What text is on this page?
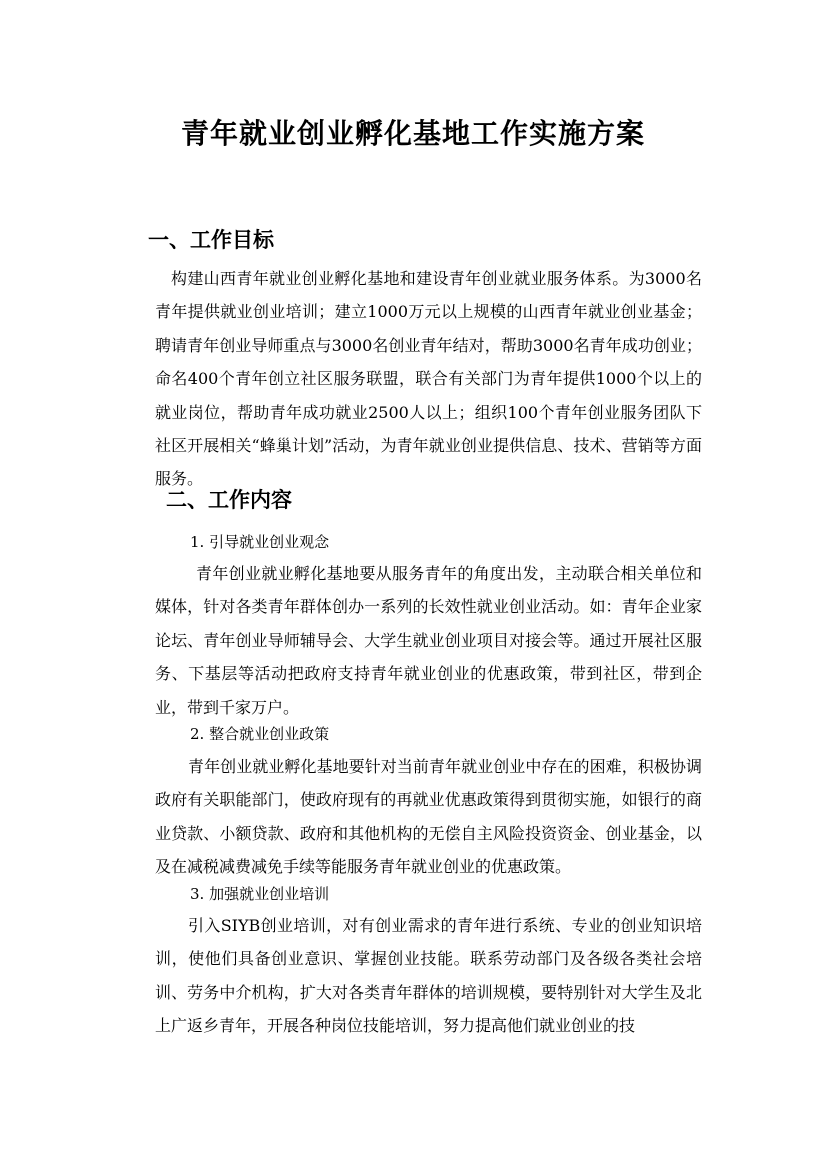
青年就业创业孵化基地工作实施方案
一、工作目标
构建山西青年就业创业孵化基地和建设青年创业就业服务体系。为3000名青年提供就业创业培训；建立1000万元以上规模的山西青年就业创业基金；聘请青年创业导师重点与3000名创业青年结对，帮助3000名青年成功创业；命名400个青年创立社区服务联盟，联合有关部门为青年提供1000个以上的就业岗位，帮助青年成功就业2500人以上；组织100个青年创业服务团队下社区开展相关“蜂巢计划”活动，为青年就业创业提供信息、技术、营销等方面服务。
二、工作内容
1. 引导就业创业观念
青年创业就业孵化基地要从服务青年的角度出发，主动联合相关单位和媒体，针对各类青年群体创办一系列的长效性就业创业活动。如：青年企业家论坛、青年创业导师辅导会、大学生就业创业项目对接会等。通过开展社区服务、下基层等活动把政府支持青年就业创业的优惠政策，带到社区，带到企业，带到千家万户。
2. 整合就业创业政策
青年创业就业孵化基地要针对当前青年就业创业中存在的困难，积极协调政府有关职能部门，使政府现有的再就业优惠政策得到贯彻实施，如银行的商业贷款、小额贷款、政府和其他机构的无偿自主风险投资资金、创业基金，以及在减税减费减免手续等能服务青年就业创业的优惠政策。
3. 加强就业创业培训
引入SIYB创业培训，对有创业需求的青年进行系统、专业的创业知识培训，使他们具备创业意识、掌握创业技能。联系劳动部门及各级各类社会培训、劳务中介机构，扩大对各类青年群体的培训规模，要特别针对大学生及北上广返乡青年，开展各种岗位技能培训，努力提高他们就业创业的技
